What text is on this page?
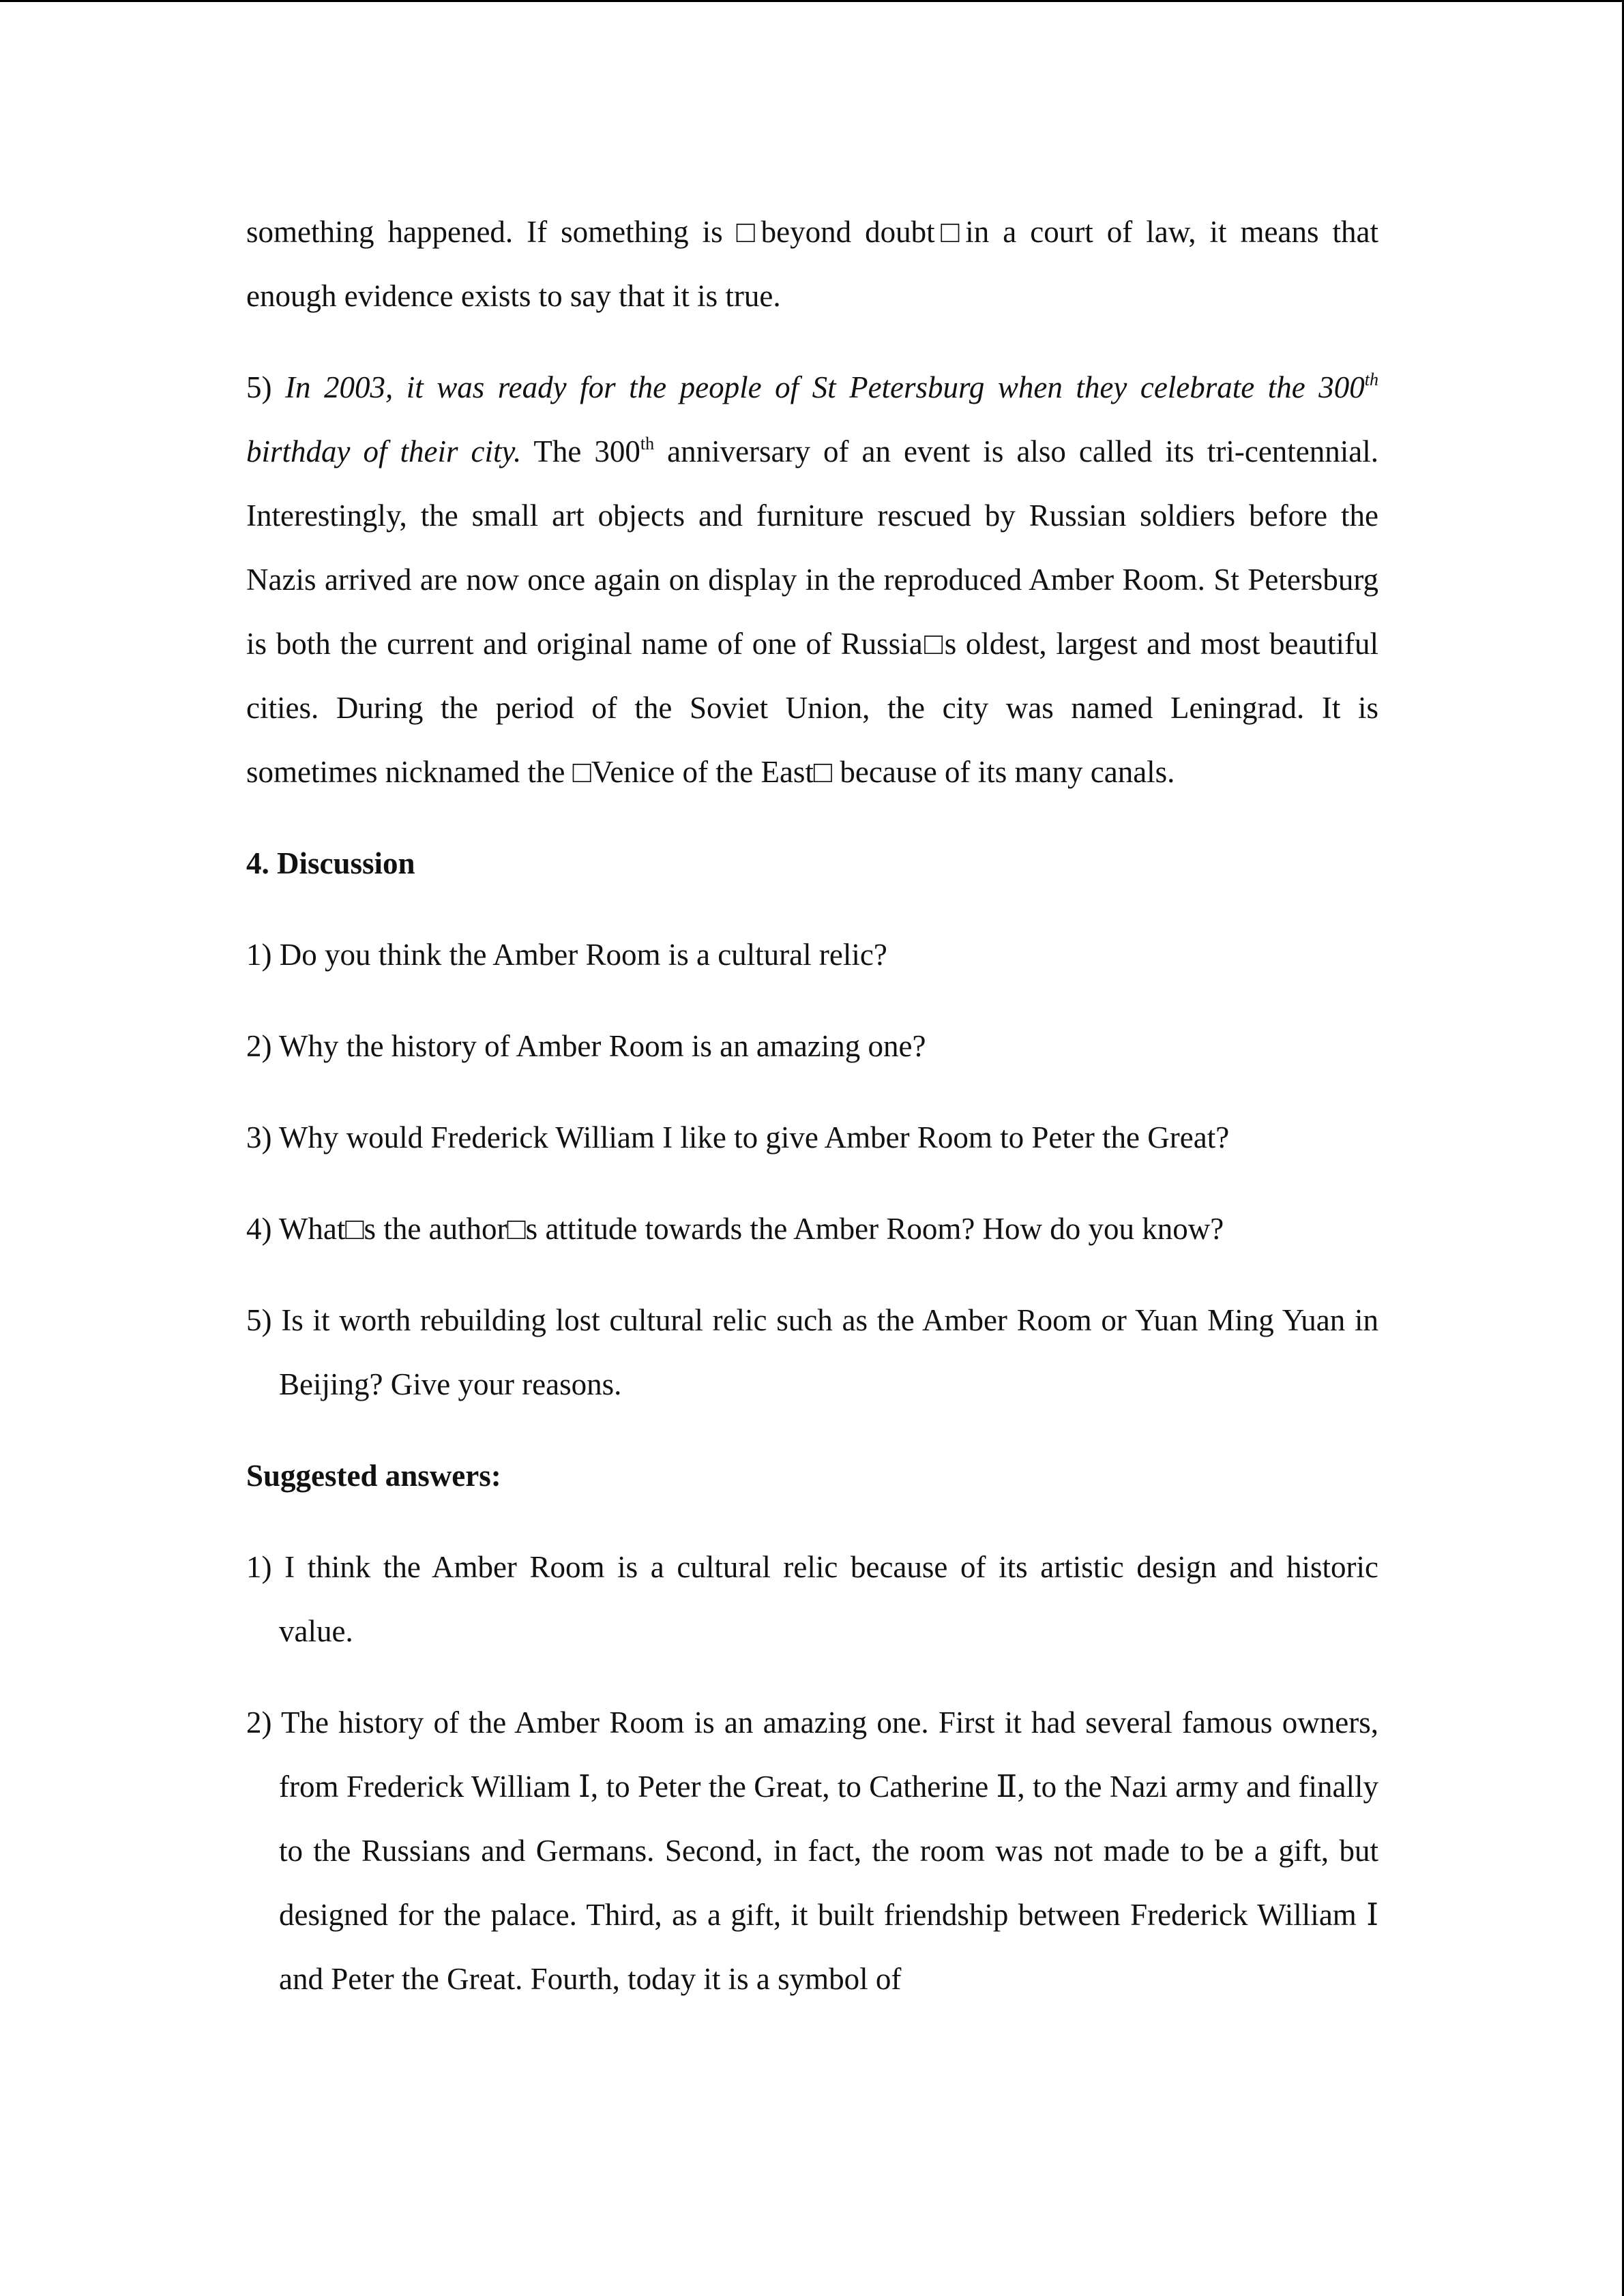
something happened. If something is □beyond doubt□in a court of law, it means that enough evidence exists to say that it is true.

5) In 2003, it was ready for the people of St Petersburg when they celebrate the 300th birthday of their city. The 300th anniversary of an event is also called its tri-centennial. Interestingly, the small art objects and furniture rescued by Russian soldiers before the Nazis arrived are now once again on display in the reproduced Amber Room. St Petersburg is both the current and original name of one of Russia□s oldest, largest and most beautiful cities. During the period of the Soviet Union, the city was named Leningrad. It is sometimes nicknamed the □Venice of the East□ because of its many canals.

4. Discussion

1) Do you think the Amber Room is a cultural relic?

2) Why the history of Amber Room is an amazing one?

3) Why would Frederick William I like to give Amber Room to Peter the Great?

4) What□s the author□s attitude towards the Amber Room? How do you know?

5) Is it worth rebuilding lost cultural relic such as the Amber Room or Yuan Ming Yuan in Beijing? Give your reasons.

Suggested answers:

1) I think the Amber Room is a cultural relic because of its artistic design and historic value.

2) The history of the Amber Room is an amazing one. First it had several famous owners, from Frederick William Ⅰ, to Peter the Great, to Catherine Ⅱ, to the Nazi army and finally to the Russians and Germans. Second, in fact, the room was not made to be a gift, but designed for the palace. Third, as a gift, it built friendship between Frederick William Ⅰ and Peter the Great. Fourth, today it is a symbol of
